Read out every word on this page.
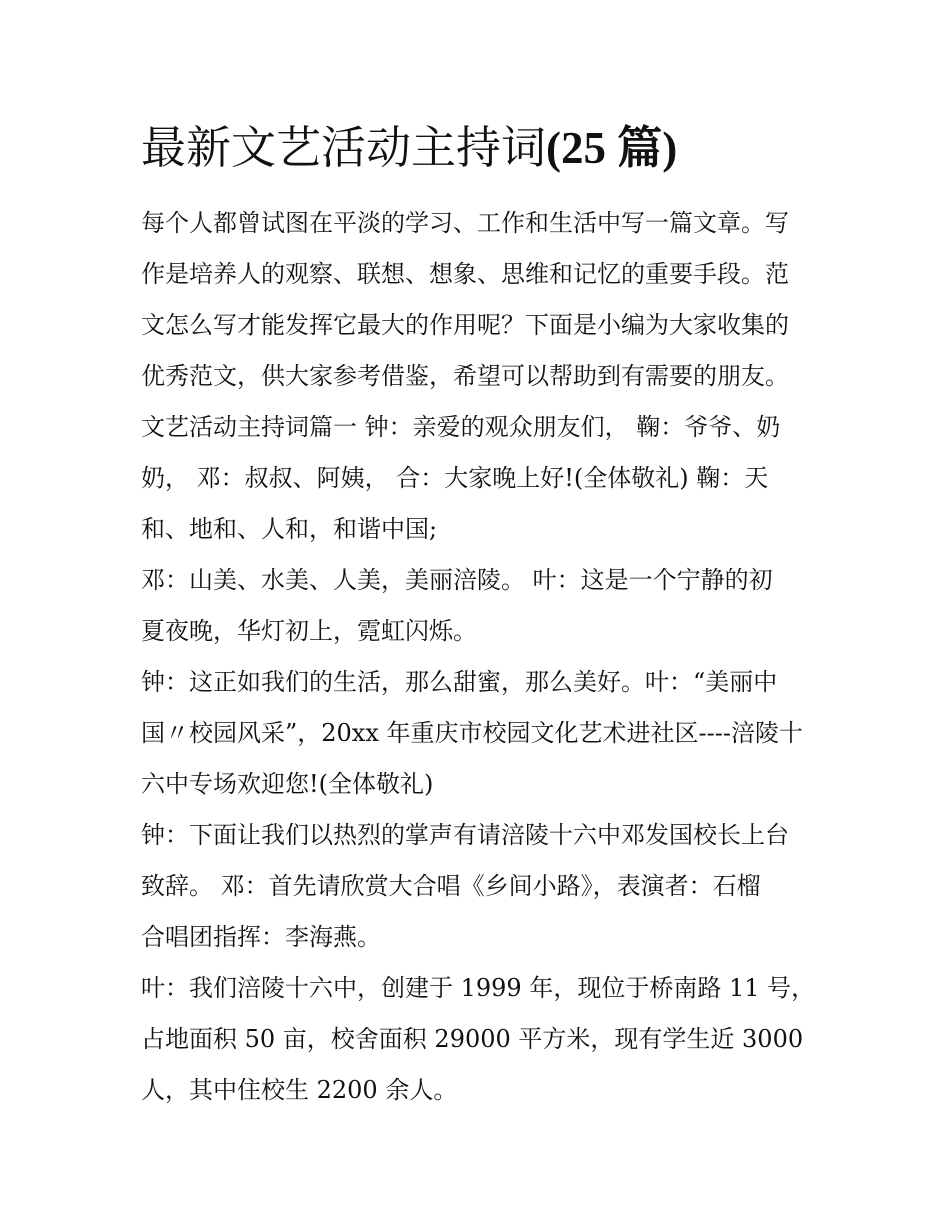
最新文艺活动主持词(25 篇)

每个人都曾试图在平淡的学习、工作和生活中写一篇文章。写
作是培养人的观察、联想、想象、思维和记忆的重要手段。范
文怎么写才能发挥它最大的作用呢？下面是小编为大家收集的
优秀范文，供大家参考借鉴，希望可以帮助到有需要的朋友。
文艺活动主持词篇一 钟：亲爱的观众朋友们， 鞠：爷爷、奶
奶， 邓：叔叔、阿姨， 合：大家晚上好!(全体敬礼) 鞠：天
和、地和、人和，和谐中国;

邓：山美、水美、人美，美丽涪陵。 叶：这是一个宁静的初
夏夜晚，华灯初上，霓虹闪烁。

钟：这正如我们的生活，那么甜蜜，那么美好。叶：“美丽中
国〃校园风采”，20xx 年重庆市校园文化艺术进社区----涪陵十
六中专场欢迎您!(全体敬礼)

钟：下面让我们以热烈的掌声有请涪陵十六中邓发国校长上台
致辞。 邓：首先请欣赏大合唱《乡间小路》，表演者：石榴
合唱团指挥：李海燕。

叶：我们涪陵十六中，创建于 1999 年，现位于桥南路 11 号，
占地面积 50 亩，校舍面积 29000 平方米，现有学生近 3000
人，其中住校生 2200 余人。
